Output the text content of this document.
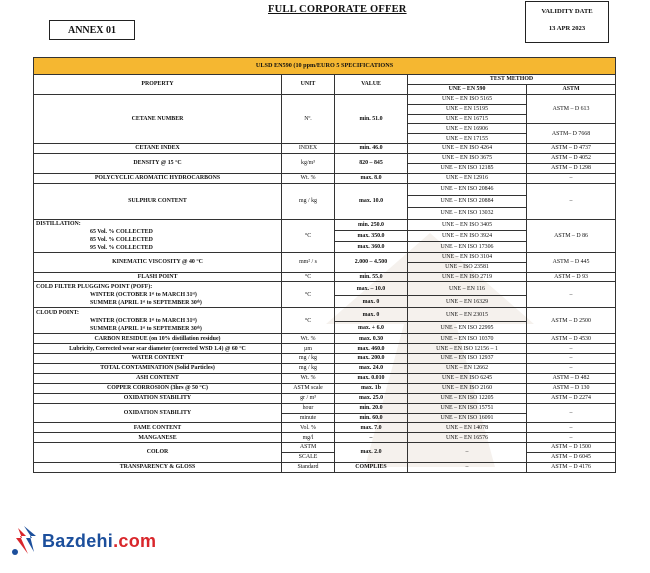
FULL CORPORATE OFFER
ANNEX 01
VALIDITY DATE
13 APR 2023
ULSD EN590 (10 ppm/EURO 5 SPECIFICATIONS				
PROPERTY	UNIT	VALUE	TEST METHOD	
			UNE – EN 590	ASTM
CETANE NUMBER	Nº.	min. 51.0	UNE – EN ISO 5165	ASTM – D 613
			UNE – EN 15195	
			UNE – EN 16715	
			UNE – EN 16906	ASTM– D 7668
			UNE – EN 17155	
CETANE INDEX	INDEX	min. 46.0	UNE – EN ISO 4264	ASTM – D 4737
DENSITY @ 15 °C	kg/m³	820 – 845	UNE – EN ISO 3675	ASTM – D 4052
			UNE – EN ISO 12185	ASTM – D 1298
POLYCYCLIC AROMATIC HYDROCARBONS	Wt. %	max. 8.0	UNE – EN 12916	–
SULPHUR CONTENT	mg / kg	max. 10.0	UNE – EN ISO 20846	–
			UNE – EN ISO 20884	
			UNE – EN ISO 13032	

DISTILLATION:
65 Vol. % COLLECTED
85 Vol. % COLLECTED
95 Vol. % COLLECTED	°C	min. 250.0	UNE – EN ISO 3405	ASTM – D 86
		max. 350.0	UNE – EN ISO 3924	
		max. 360.0	UNE – EN ISO 17306	
KINEMATIC VISCOSITY @ 40 °C	mm² / s	2.000 – 4.500	UNE – EN ISO 3104	ASTM – D 445
			UNE – ISO 23581	
FLASH POINT	°C	min. 55.0	UNE – EN ISO 2719	ASTM – D 93

COLD FILTER PLUGGING POINT (POFF):
WINTER (OCTOBER 1ˢᵗ to MARCH 31ˢᵗ)
SUMMER (APRIL 1ˢᵗ to SEPTEMBER 30ᵗʰ)	°C	max. – 10.0	UNE – EN 116	–
		max. 0	UNE – EN 16329	

CLOUD POINT:
WINTER (OCTOBER 1ˢᵗ to MARCH 31ˢᵗ)
SUMMER (APRIL 1ˢᵗ to SEPTEMBER 30ᵗʰ)	°C	max. 0	UNE – EN 23015	ASTM – D 2500
		max. + 6.0	UNE – EN ISO 22995	
CARBON RESIDUE (on 10% distillation residue)	Wt. %	max. 0.30	UNE – EN ISO 10370	ASTM – D 4530
Lubricity, Corrected wear scar diameter (corrected WSD 1.4) @ 60 °C	µm	max. 460.0	UNE – EN ISO 12156 – 1	–
WATER CONTENT	mg / kg	max. 200.0	UNE – EN ISO 12937	–
TOTAL CONTAMINATION (Solid Particles)	mg / kg	max. 24.0	UNE – EN 12662	–
ASH CONTENT	Wt. %	max. 0.010	UNE – EN ISO 6245	ASTM – D 482
COPPER CORROSION (3hrs @ 50 °C)	ASTM scale	max. 1b	UNE – EN ISO 2160	ASTM – D 130
OXIDATION STABILITY	gr / m³	max. 25.0	UNE – EN ISO 12205	ASTM – D 2274
OXIDATION STABILITY	hour	min. 20.0	UNE – EN ISO 15751	–
	minute	min. 60.0	UNE – EN ISO 16091	
FAME CONTENT	Vol. %	max. 7.0	UNE – EN 14078	–
MANGANESE	mg/l	–	UNE – EN 16576	–
COLOR	ASTM	max. 2.0	–	ASTM – D 1500
	SCALE			ASTM – D 6045
TRANSPARENCY & GLOSS	Standard	COMPLIES	–	ASTM – D 4176
Bazdehi.com
